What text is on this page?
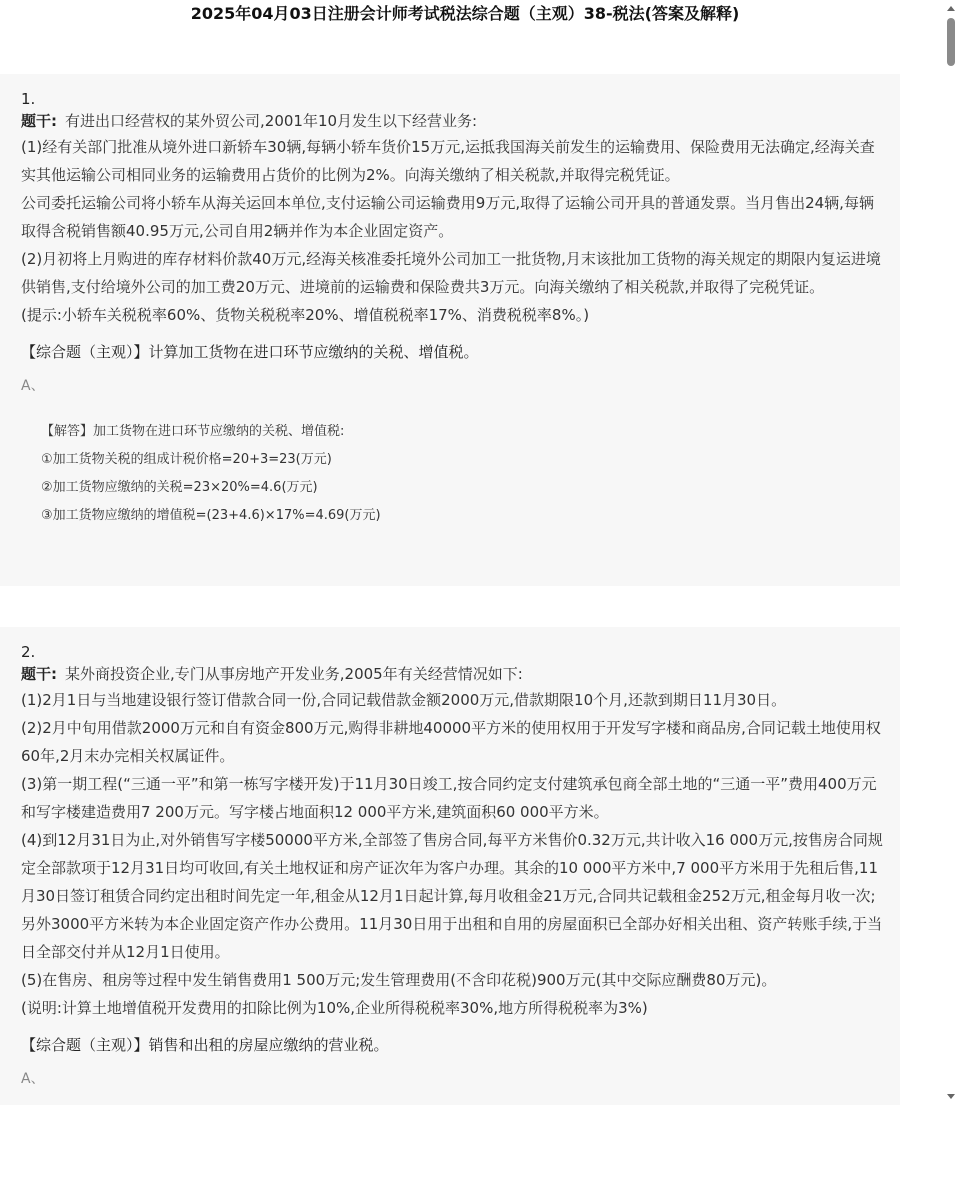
2025年04月03日注册会计师考试税法综合题（主观）38-税法(答案及解释)
1.
题干: 有进出口经营权的某外贸公司,2001年10月发生以下经营业务:

(1)经有关部门批准从境外进口新轿车30辆,每辆小轿车货价15万元,运抵我国海关前发生的运输费用、保险费用无法确定,经海关查实其他运输公司相同业务的运输费用占货价的比例为2%。向海关缴纳了相关税款,并取得完税凭证。

公司委托运输公司将小轿车从海关运回本单位,支付运输公司运输费用9万元,取得了运输公司开具的普通发票。当月售出24辆,每辆取得含税销售额40.95万元,公司自用2辆并作为本企业固定资产。

(2)月初将上月购进的库存材料价款40万元,经海关核准委托境外公司加工一批货物,月末该批加工货物的海关规定的期限内复运进境供销售,支付给境外公司的加工费20万元、进境前的运输费和保险费共3万元。向海关缴纳了相关税款,并取得了完税凭证。

(提示:小轿车关税税率60%、货物关税税率20%、增值税税率17%、消费税税率8%。)

【综合题（主观）】计算加工货物在进口环节应缴纳的关税、增值税。
A、
【解答】加工货物在进口环节应缴纳的关税、增值税:
①加工货物关税的组成计税价格=20+3=23(万元)
②加工货物应缴纳的关税=23×20%=4.6(万元)
③加工货物应缴纳的增值税=(23+4.6)×17%=4.69(万元)
2.
题干: 某外商投资企业,专门从事房地产开发业务,2005年有关经营情况如下:

(1)2月1日与当地建设银行签订借款合同一份,合同记载借款金额2000万元,借款期限10个月,还款到期日11月30日。

(2)2月中旬用借款2000万元和自有资金800万元,购得非耕地40000平方米的使用权用于开发写字楼和商品房,合同记载土地使用权60年,2月末办完相关权属证件。

(3)第一期工程(“三通一平”和第一栋写字楼开发)于11月30日竣工,按合同约定支付建筑承包商全部土地的“三通一平”费用400万元和写字楼建造费用7 200万元。写字楼占地面积12 000平方米,建筑面积60 000平方米。

(4)到12月31日为止,对外销售写字楼50000平方米,全部签了售房合同,每平方米售价0.32万元,共计收入16 000万元,按售房合同规定全部款项于12月31日均可收回,有关土地权证和房产证次年为客户办理。其余的10 000平方米中,7 000平方米用于先租后售,11月30日签订租赁合同约定出租时间先定一年,租金从12月1日起计算,每月收租金21万元,合同共记载租金252万元,租金每月收一次;另外3000平方米转为本企业固定资产作办公费用。11月30日用于出租和自用的房屋面积已全部办好相关出租、资产转账手续,于当日全部交付并从12月1日使用。

(5)在售房、租房等过程中发生销售费用1 500万元;发生管理费用(不含印花税)900万元(其中交际应酬费80万元)。

(说明:计算土地增值税开发费用的扣除比例为10%,企业所得税税率30%,地方所得税税率为3%)

【综合题（主观）】销售和出租的房屋应缴纳的营业税。
A、
